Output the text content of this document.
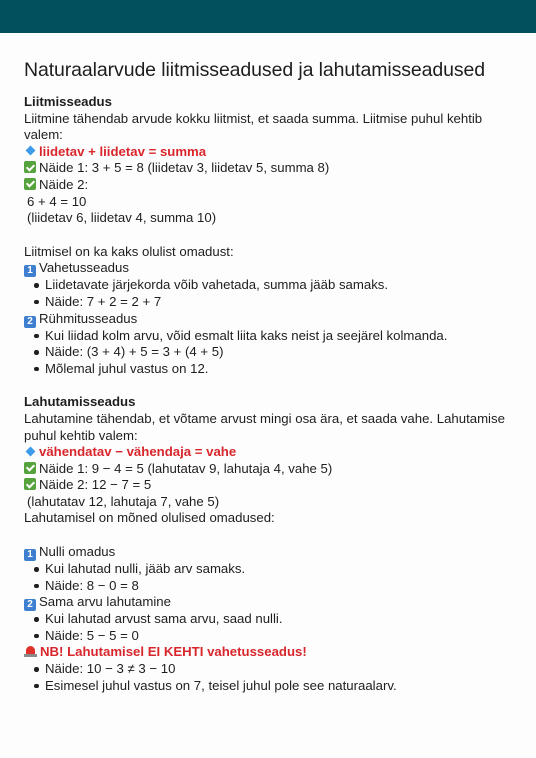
Naturaalarvude liitmisseadused ja lahutamisseadused
Liitmisseadus
Liitmine tähendab arvude kokku liitmist, et saada summa. Liitmise puhul kehtib
valem:
liidetav + liidetav = summa
Näide 1: 3 + 5 = 8 (liidetav 3, liidetav 5, summa 8)
Näide 2:
6 + 4 = 10
(liidetav 6, liidetav 4, summa 10)
Liitmisel on ka kaks olulist omadust:
1 Vahetusseadus
Liidetavate järjekorda võib vahetada, summa jääb samaks.
Näide: 7 + 2 = 2 + 7
2 Rühmitusseadus
Kui liidad kolm arvu, võid esmalt liita kaks neist ja seejärel kolmanda.
Näide: (3 + 4) + 5 = 3 + (4 + 5)
Mõlemal juhul vastus on 12.
Lahutamisseadus
Lahutamine tähendab, et võtame arvust mingi osa ära, et saada vahe. Lahutamise
puhul kehtib valem:
vähendatav − vähendaja = vahe
Näide 1: 9 − 4 = 5 (lahutatav 9, lahutaja 4, vahe 5)
Näide 2: 12 − 7 = 5
(lahutatav 12, lahutaja 7, vahe 5)
Lahutamisel on mõned olulised omadused:
1 Nulli omadus
Kui lahutad nulli, jääb arv samaks.
Näide: 8 − 0 = 8
2 Sama arvu lahutamine
Kui lahutad arvust sama arvu, saad nulli.
Näide: 5 − 5 = 0
NB! Lahutamisel EI KEHTI vahetusseadus!
Näide: 10 − 3 ≠ 3 − 10
Esimesel juhul vastus on 7, teisel juhul pole see naturaalarv.
